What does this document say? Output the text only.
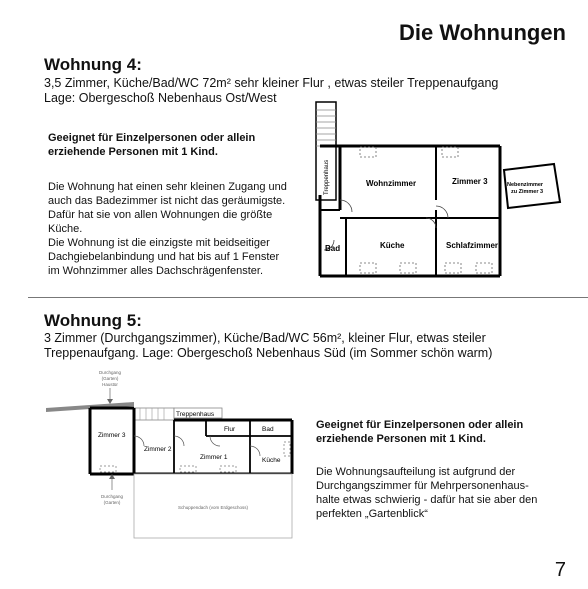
Die Wohnungen
Wohnung 4:
3,5 Zimmer, Küche/Bad/WC 72m² sehr kleiner Flur , etwas steiler Treppenaufgang
Lage: Obergeschoß Nebenhaus Ost/West
Geeignet für Einzelpersonen oder allein
erziehende Personen mit 1 Kind.
Die Wohnung hat einen sehr kleinen Zugang und
auch das Badezimmer ist nicht das geräumigste.
Dafür hat sie von allen Wohnungen die größte
Küche.
Die Wohnung ist die einzigste mit beidseitiger
Dachgiebelanbindung und hat bis auf 1 Fenster
im Wohnzimmer alles Dachschrägenfenster.
Treppenhaus	Wohnzimmer	Zimmer 3	Nebenzimmer
zu Zimmer 3
Bad	Küche	Schlafzimmer
Wohnung 5:
3 Zimmer (Durchgangszimmer), Küche/Bad/WC 56m², kleiner Flur, etwas steiler
Treppenaufgang. Lage: Obergeschoß Nebenhaus Süd (im Sommer schön warm)
Durchgang
(Garten)
Haustür
Treppenhaus
Zimmer 3
Zimmer 2
Zimmer 1
Flur	Bad
Küche
Schuppendach (vom Erdgeschoss)
Durchgang
(Garten)
Geeignet für Einzelpersonen oder allein
erziehende Personen mit 1 Kind.
Die Wohnungsaufteilung ist aufgrund der
Durchgangszimmer für Mehrpersonenhaus-
halte etwas schwierig - dafür hat sie aber den
perfekten „Gartenblick“
7
